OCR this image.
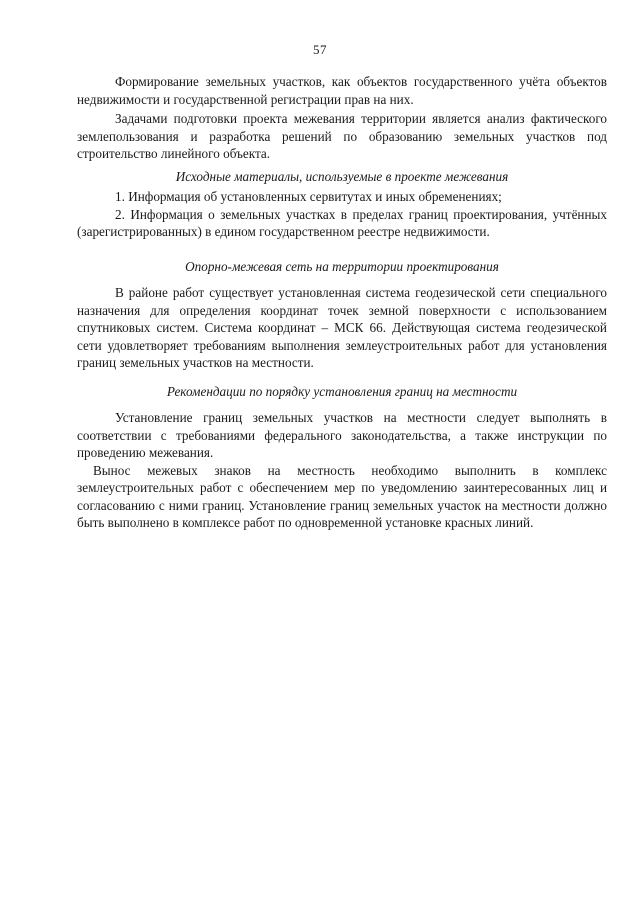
57

Формирование земельных участков, как объектов государственного учёта объектов недвижимости и государственной регистрации прав на них.

Задачами подготовки проекта межевания территории является анализ фактического землепользования и разработка решений по образованию земельных участков под строительство линейного объекта.

Исходные материалы, используемые в проекте межевания

1. Информация об установленных сервитутах и иных обременениях;

2. Информация о земельных участках в пределах границ проектирования, учтённых (зарегистрированных) в едином государственном реестре недвижимости.

Опорно-межевая сеть на территории проектирования

В районе работ существует установленная система геодезической сети специального назначения для определения координат точек земной поверхности с использованием спутниковых систем. Система координат – МСК 66. Действующая система геодезической сети удовлетворяет требованиям выполнения землеустроительных работ для установления границ земельных участков на местности.

Рекомендации по порядку установления границ на местности

Установление границ земельных участков на местности следует выполнять в соответствии с требованиями федерального законодательства, а также инструкции по проведению межевания.

Вынос межевых знаков на местность необходимо выполнить в комплекс землеустроительных работ с обеспечением мер по уведомлению заинтересованных лиц и согласованию с ними границ. Установление границ земельных участок на местности должно быть выполнено в комплексе работ по одновременной установке красных линий.
